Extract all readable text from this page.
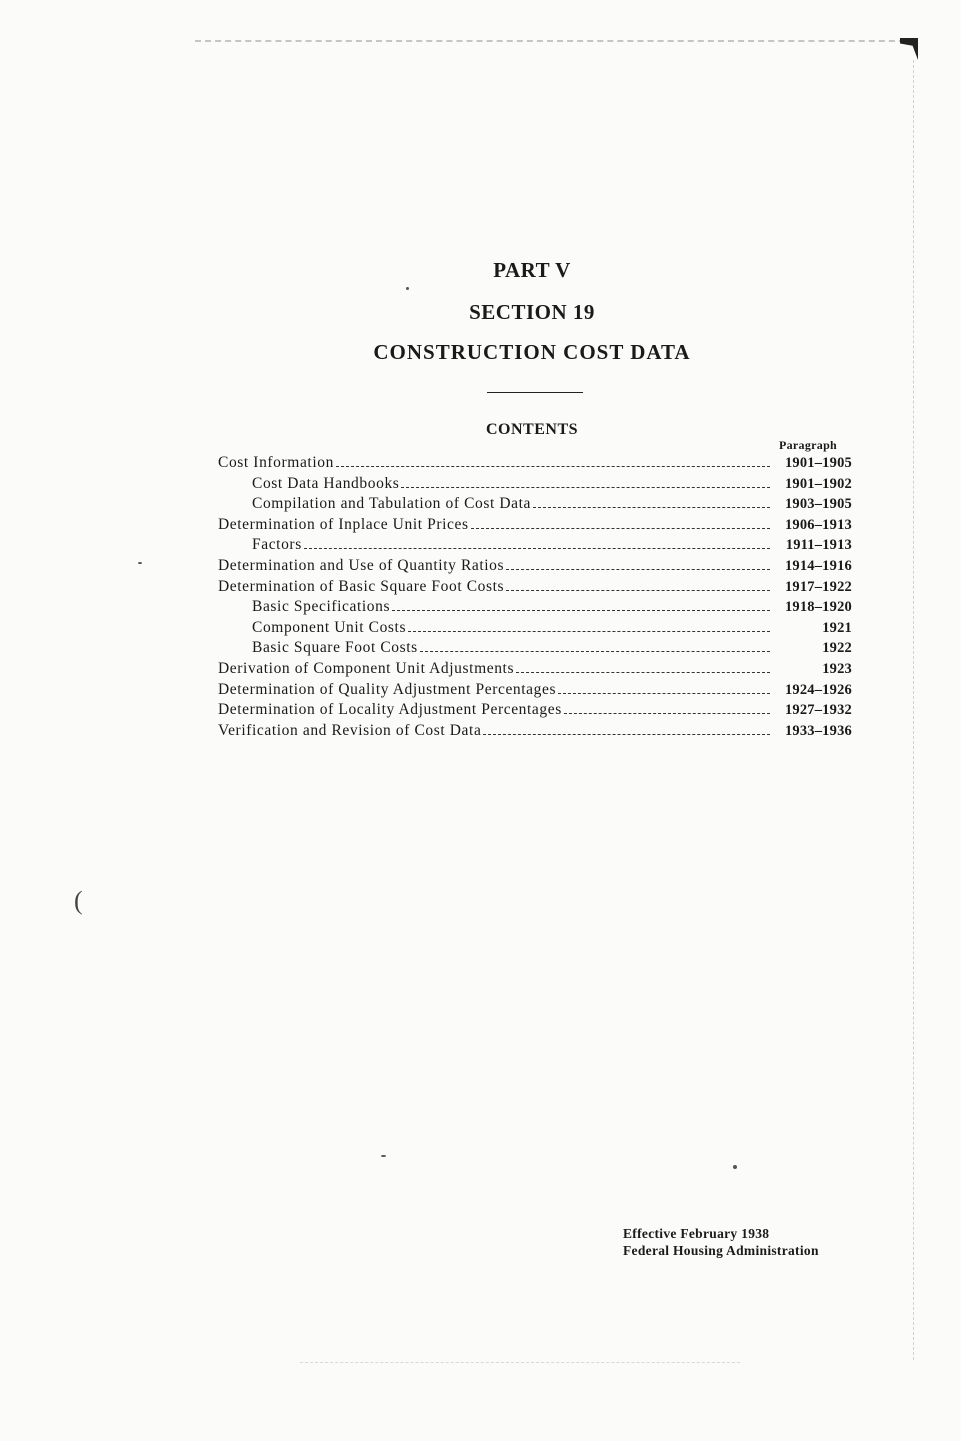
(
PART V
SECTION 19
CONSTRUCTION COST DATA
CONTENTS
Paragraph
Cost Information	1901–1905
Cost Data Handbooks	1901–1902
Compilation and Tabulation of Cost Data	1903–1905
Determination of Inplace Unit Prices	1906–1913
Factors	1911–1913
Determination and Use of Quantity Ratios	1914–1916
Determination of Basic Square Foot Costs	1917–1922
Basic Specifications	1918–1920
Component Unit Costs	1921
Basic Square Foot Costs	1922
Derivation of Component Unit Adjustments	1923
Determination of Quality Adjustment Percentages	1924–1926
Determination of Locality Adjustment Percentages	1927–1932
Verification and Revision of Cost Data	1933–1936
Effective February 1938
Federal Housing Administration
